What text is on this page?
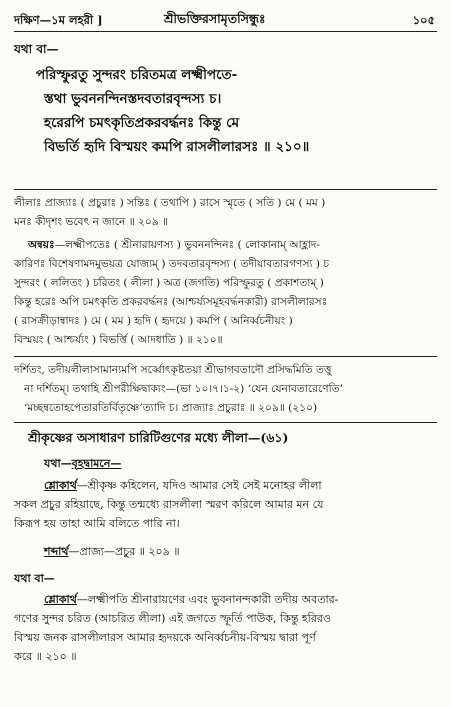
দক্ষিণ—১ম লহরী ]	শ্রীভক্তিরসামৃতসিন্ধুঃ	১০৫
যথা বা—
পরিস্ফুরতু সুন্দরং চরিতমত্র লক্ষ্মীপতে-
স্তথা ভুবননন্দিনস্তদবতারবৃন্দস্য চ।
হরেরপি চমৎকৃতিপ্রকরবর্দ্ধনঃ কিন্তু মে
বিভর্তি হৃদি বিস্ময়ং কমপি রাসলীলারসঃ ॥ ২১০॥
লীলাঃ প্রাজ্যাঃ ( প্রচুরাঃ ) সন্তিঃ ( তথাপি ) রাসে স্মৃতে ( সতি ) মে ( মম )
মনঃ কীদৃশং ভবেৎ ন জানে ॥ ২০৯ ॥
অন্বয়ঃ—লক্ষ্মীপতেঃ ( শ্রীনারায়ণস্য ) ভুবননন্দিনঃ ( লোকানাম্ আহ্লাদ-
কারিণঃ বিশেষণামদমুভয়ত্র যোজ্যম্ ) তদবতারবৃন্দস্য ( তদীয়াবতারগণস্য ) চ
সুন্দরং ( ললিতং ) চরিতং ( লীলা ) অত্র (জগতি) পরিস্ফুরতু ( প্রকাশতাম্ )
কিন্তু হরেঃ অপি চমৎকৃতি প্রকরবর্দ্ধনঃ (আশ্চর্য্যসমূহবর্দ্ধনকারী) রাসলীলারসঃ
( রাসক্রীড়ান্বাদঃ ) মে ( মম ) হৃদি ( হৃদয়ে ) কমপি ( অনির্ব্বচনীয়ং )
বিস্ময়ং ( আশ্চর্য্যং ) বিভর্ত্তি ( আদধাতি ) ॥ ২১০॥
দর্শিতং, তদীয়লীলাসামান্যমপি সর্ব্বোৎকৃষ্টতয়া শ্রীভাগবতাদৌ প্রসিদ্ধমিতি তত্তু
না দর্শিতম্। তথাহি শ্রীপরীক্ষিদ্বাক্যং—(ভা ১০।৭।১-২) ‘যেন যেনাবতারেণেতি’
‘মচ্ছন্বতোহপেতারতির্বিতৃষ্ণে’ত্যাদি চ। প্রাজ্যাঃ প্রচুরাঃ ॥ ২০৯॥ (২১০)
শ্রীকৃষ্ণের অসাধারণ চারিটিগুণের মধ্যে লীলা—(৬১)
যথা—বৃহদ্বামনে—
শ্লোকার্থ—শ্রীকৃষ্ণ কহিলেন, যদিও আমার সেই সেই মনোহর লীলা
সকল প্রচুর রহিয়াছে, কিন্তু তন্মধ্যে রাসলীলা স্মরণ করিলে আমার মন যে
কিরূপ হয় তাহা আমি বলিতে পারি না।
শব্দার্থ—প্রাজ্য—প্রচুর ॥ ২০৯ ॥
যথা বা—
শ্লোকার্থ—লক্ষ্মীপতি শ্রীনারায়ণের এবং ভুবনানন্দকারী তদীয় অবতার-
গণের সুন্দর চরিত (আচরিত লীলা) এই জগতে স্ফূর্তি পাউক, কিন্তু হরিরও
বিস্ময় জনক রাসলীলারস আমার হৃদয়কে অনির্ব্বচনীয়-বিস্ময় দ্বারা পূর্ণ
করে ॥ ২১০ ॥
